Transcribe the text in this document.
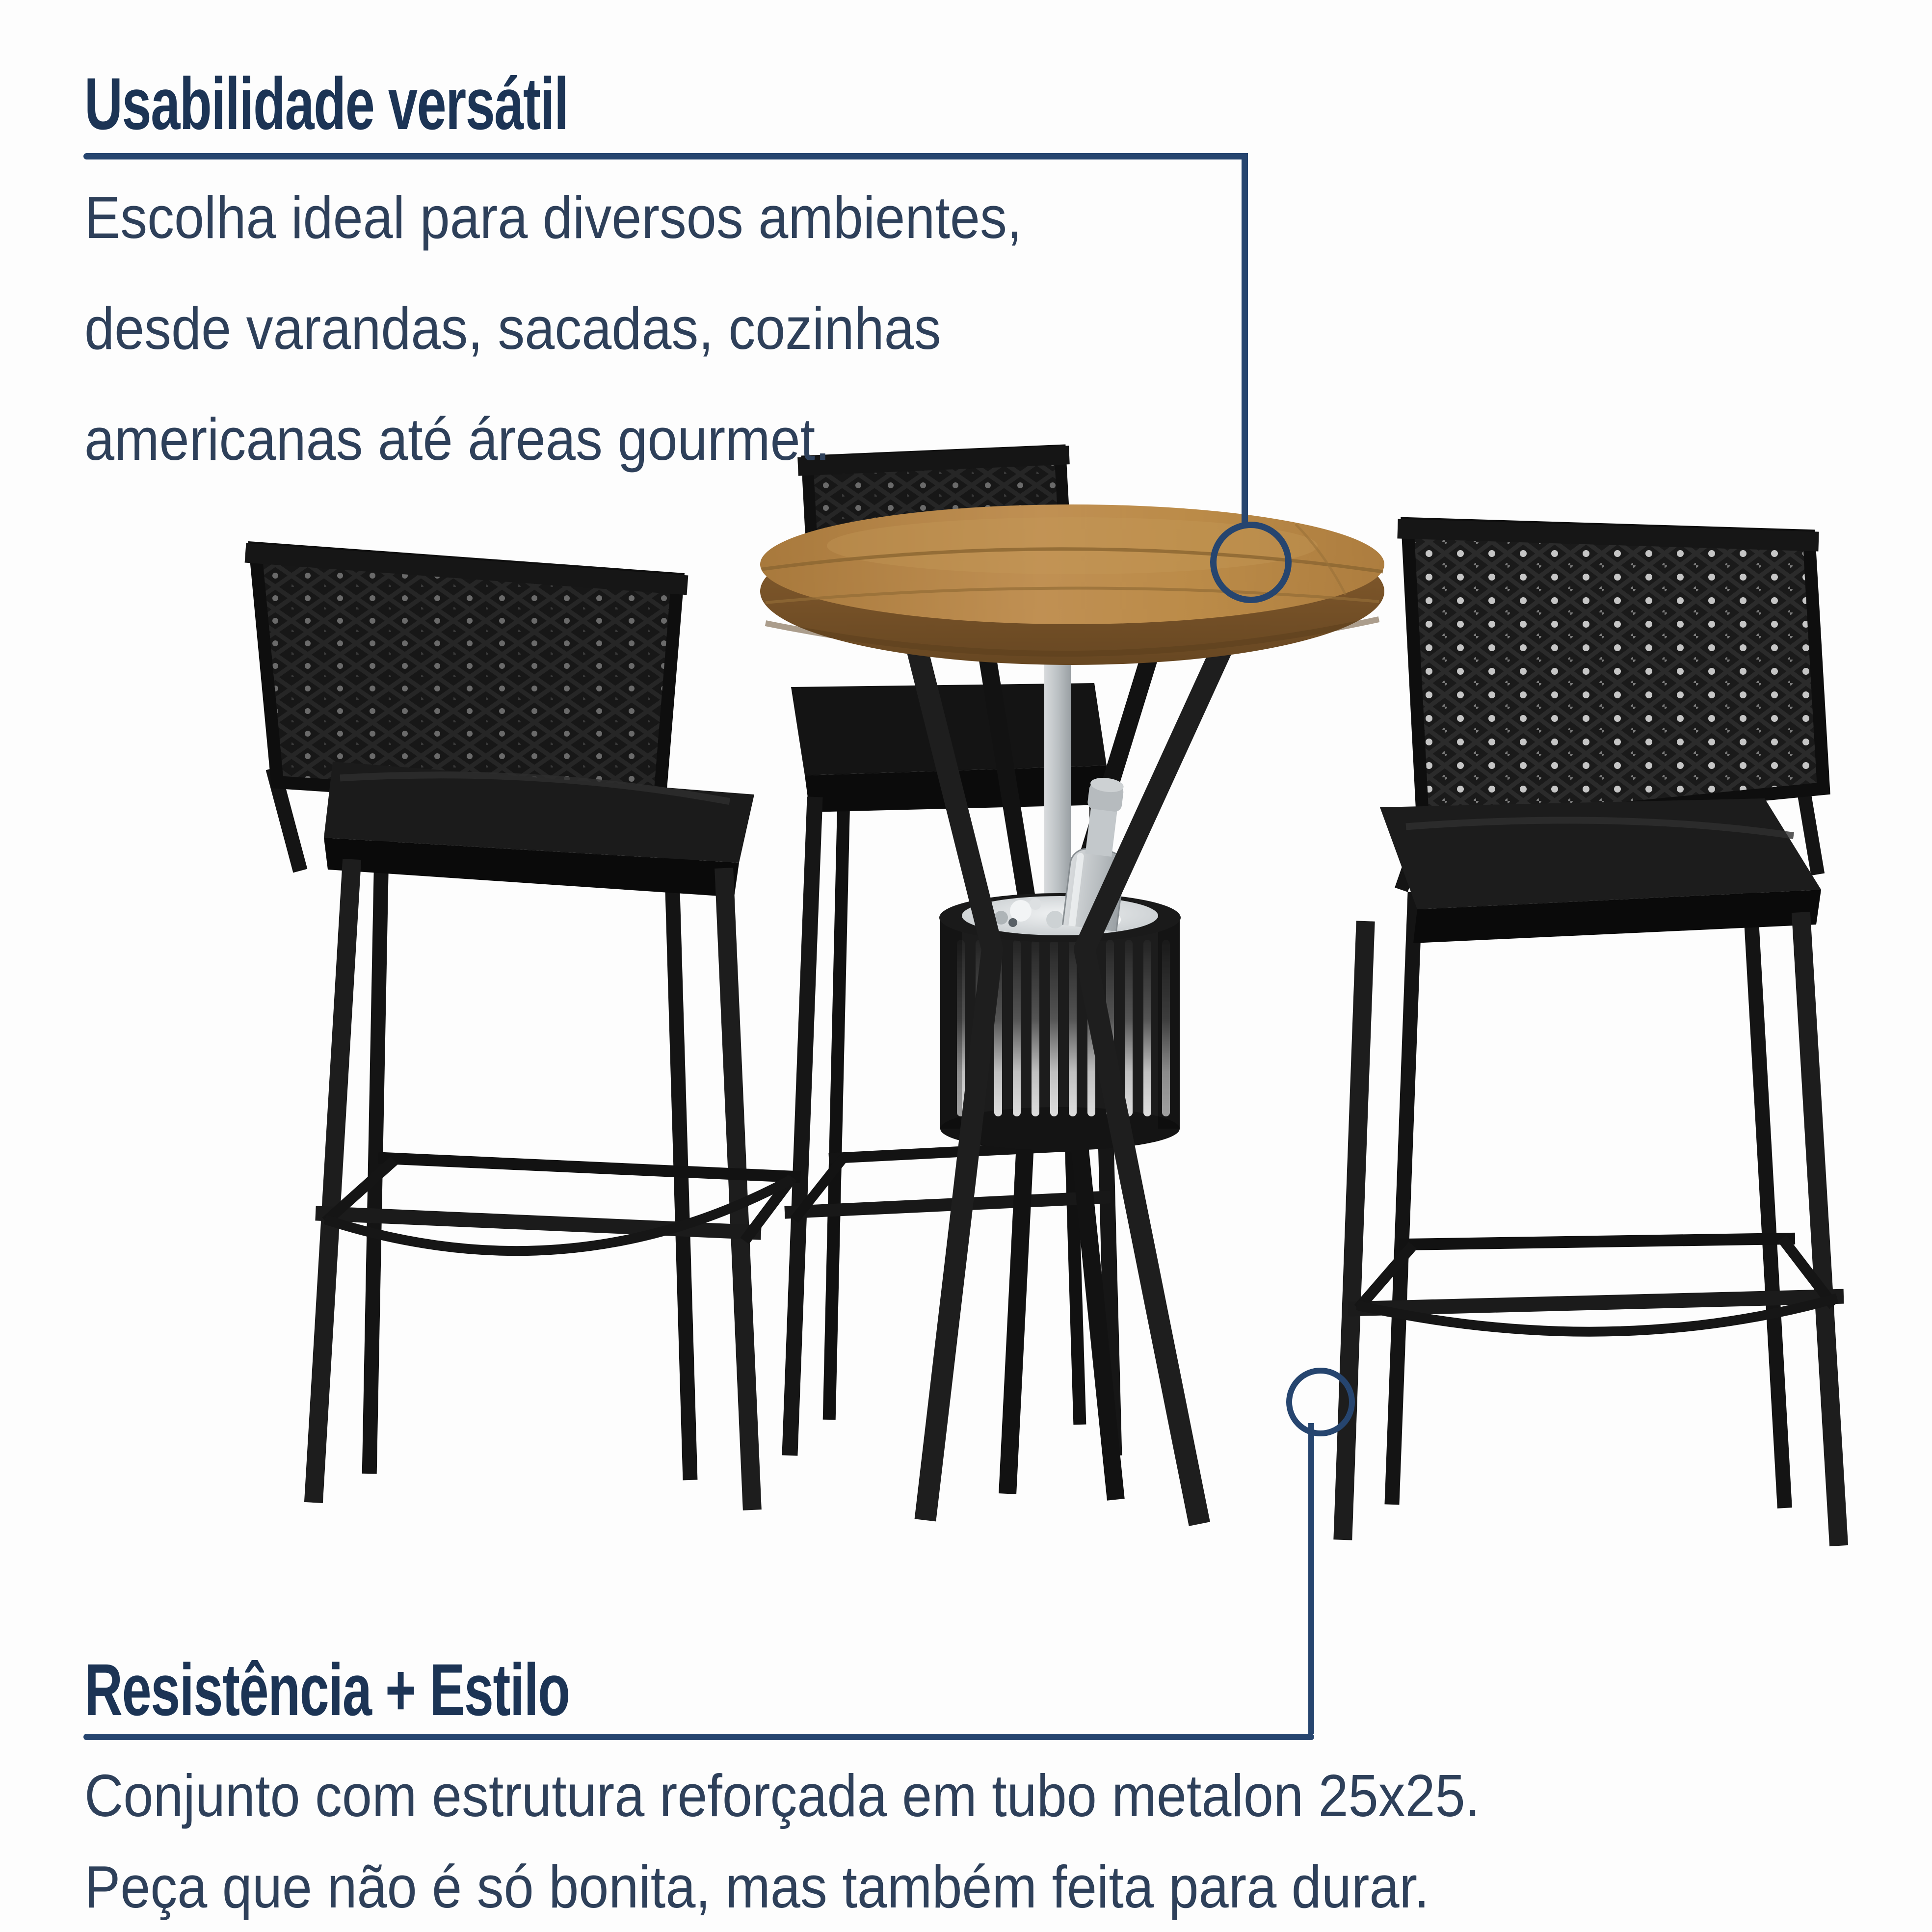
Usabilidade versátil
Escolha ideal para diversos ambientes,
desde varandas, sacadas, cozinhas
americanas até áreas gourmet.
Resistência + Estilo
Conjunto com estrutura reforçada em tubo metalon 25x25.
Peça que não é só bonita, mas também feita para durar.
